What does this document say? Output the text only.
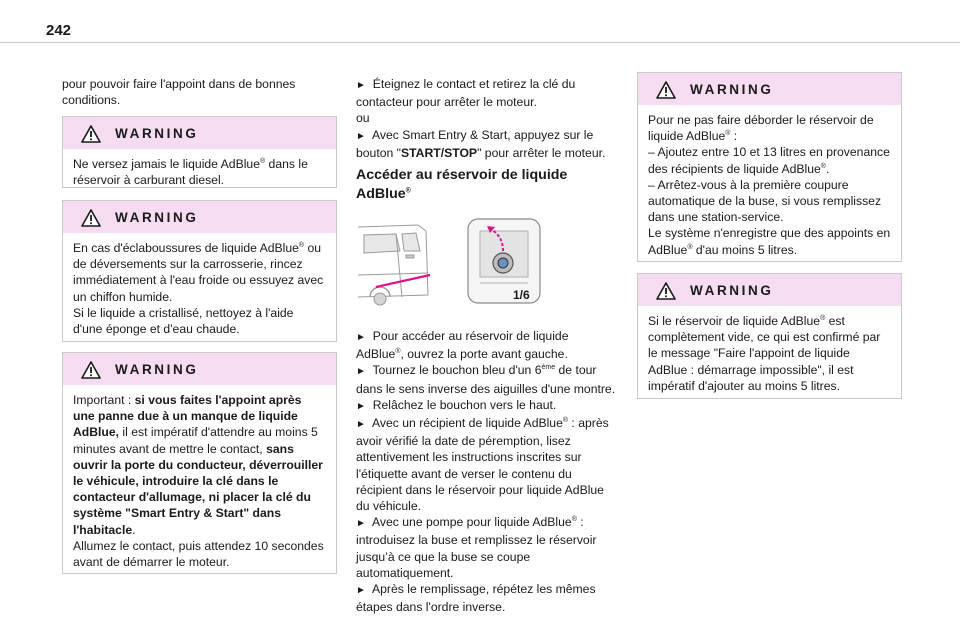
242
pour pouvoir faire l'appoint dans de bonnes conditions.
WARNING
Ne versez jamais le liquide AdBlue® dans le réservoir à carburant diesel.
WARNING
En cas d'éclaboussures de liquide AdBlue® ou de déversements sur la carrosserie, rincez immédiatement à l'eau froide ou essuyez avec un chiffon humide.
Si le liquide a cristallisé, nettoyez à l'aide d'une éponge et d'eau chaude.
WARNING
Important : si vous faites l'appoint après une panne due à un manque de liquide AdBlue, il est impératif d'attendre au moins 5 minutes avant de mettre le contact, sans ouvrir la porte du conducteur, déverrouiller le véhicule, introduire la clé dans le contacteur d'allumage, ni placer la clé du système "Smart Entry & Start" dans l'habitacle.
Allumez le contact, puis attendez 10 secondes avant de démarrer le moteur.
► Éteignez le contact et retirez la clé du contacteur pour arrêter le moteur.
ou
► Avec Smart Entry & Start, appuyez sur le bouton "START/STOP" pour arrêter le moteur.
Accéder au réservoir de liquide AdBlue®
1/6
► Pour accéder au réservoir de liquide AdBlue®, ouvrez la porte avant gauche.
► Tournez le bouchon bleu d'un 6ème de tour dans le sens inverse des aiguilles d'une montre.
► Relâchez le bouchon vers le haut.
► Avec un récipient de liquide AdBlue® : après avoir vérifié la date de péremption, lisez attentivement les instructions inscrites sur l'étiquette avant de verser le contenu du récipient dans le réservoir pour liquide AdBlue du véhicule.
► Avec une pompe pour liquide AdBlue® : introduisez la buse et remplissez le réservoir jusqu’à ce que la buse se coupe automatiquement.
► Après le remplissage, répétez les mêmes étapes dans l'ordre inverse.
WARNING
Pour ne pas faire déborder le réservoir de liquide AdBlue® :
– Ajoutez entre 10 et 13 litres en provenance des récipients de liquide AdBlue®.
– Arrêtez-vous à la première coupure automatique de la buse, si vous remplissez dans une station-service.
Le système n'enregistre que des appoints en AdBlue® d'au moins 5 litres.
WARNING
Si le réservoir de liquide AdBlue® est complètement vide, ce qui est confirmé par le message "Faire l'appoint de liquide AdBlue : démarrage impossible", il est impératif d'ajouter au moins 5 litres.
